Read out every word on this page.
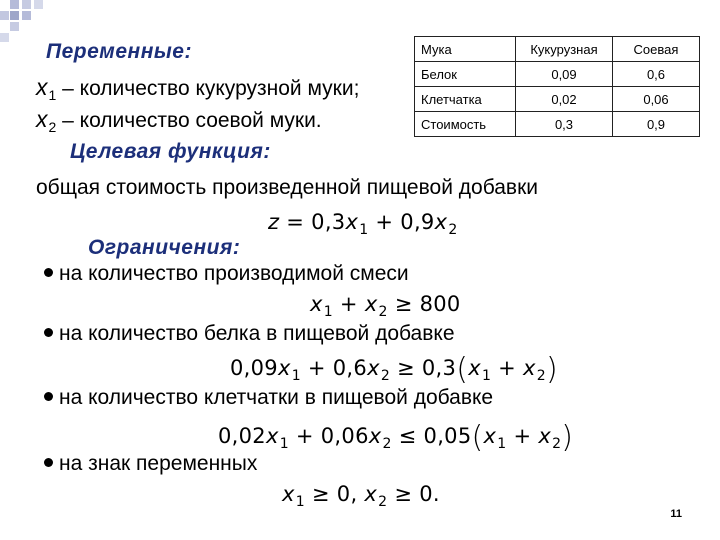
Переменные:
$x_1$ – количество кукурузной муки;
$x_2$ – количество соевой муки.
Целевая функция:
Мука	Кукурузная	Соевая
Белок	0,09	0,6
Клетчатка	0,02	0,06
Стоимость	0,3	0,9
общая стоимость произведенной пищевой добавки
$z = 0,3x_1 + 0,9x_2$
Ограничения:
на количество производимой смеси
$x_1 + x_2 \ge 800$
на количество белка в пищевой добавке
$0,09x_1 + 0,6x_2 \ge 0,3(x_1 + x_2)$
на количество клетчатки в пищевой добавке
$0,02x_1 + 0,06x_2 \le 0,05(x_1 + x_2)$
на знак переменных
$x_1 \ge 0$, $x_2 \ge 0$.
11
